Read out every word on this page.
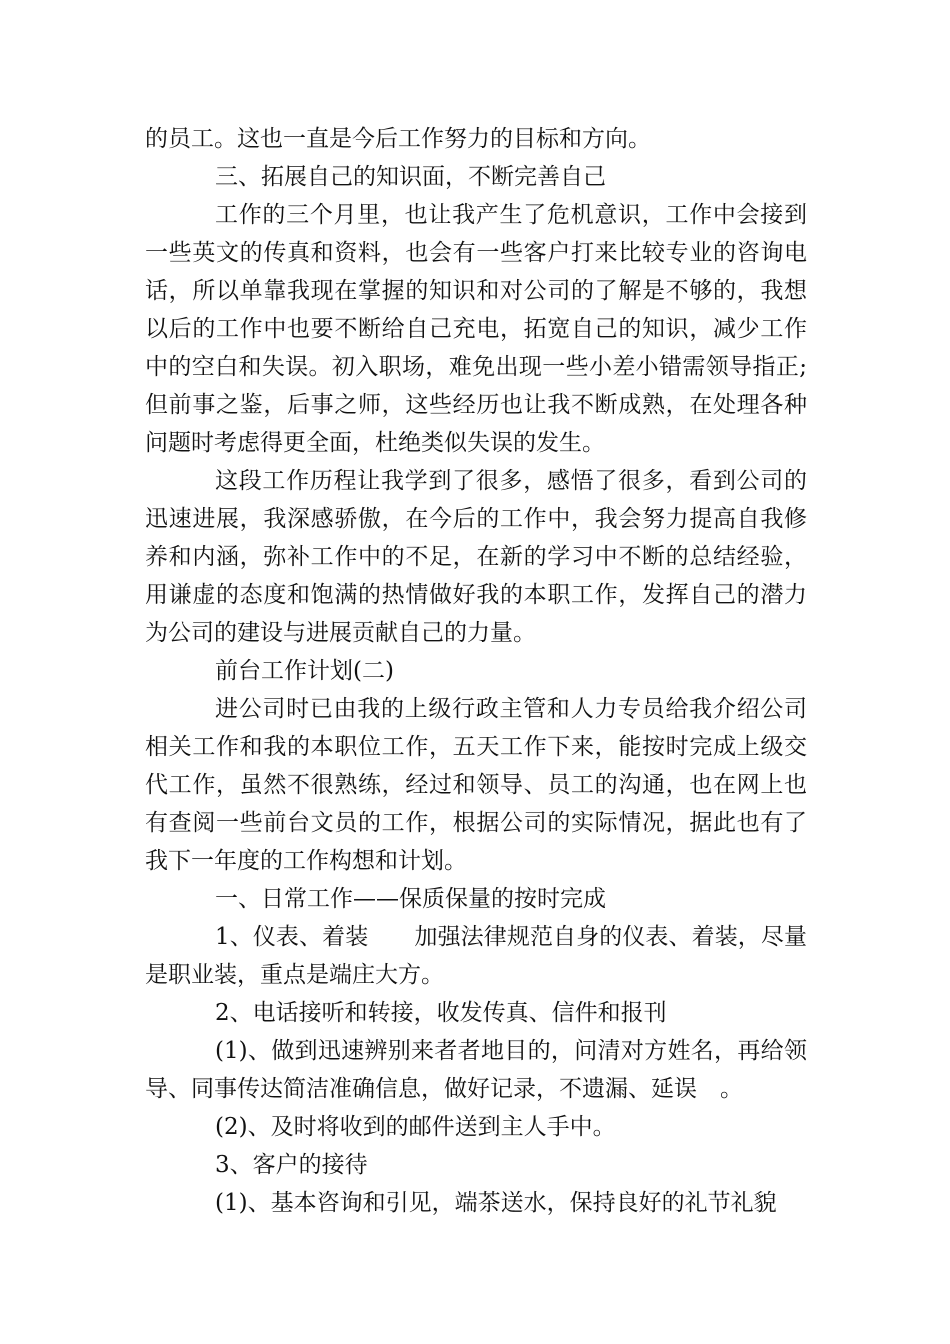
的员工。这也一直是今后工作努力的目标和方向。

三、拓展自己的知识面，不断完善自己

工作的三个月里，也让我产生了危机意识，工作中会接到一些英文的传真和资料，也会有一些客户打来比较专业的咨询电话，所以单靠我现在掌握的知识和对公司的了解是不够的，我想以后的工作中也要不断给自己充电，拓宽自己的知识，减少工作中的空白和失误。初入职场，难免出现一些小差小错需领导指正;但前事之鉴，后事之师，这些经历也让我不断成熟，在处理各种问题时考虑得更全面，杜绝类似失误的发生。

这段工作历程让我学到了很多，感悟了很多，看到公司的迅速进展，我深感骄傲，在今后的工作中，我会努力提高自我修养和内涵，弥补工作中的不足，在新的学习中不断的总结经验，用谦虚的态度和饱满的热情做好我的本职工作，发挥自己的潜力为公司的建设与进展贡献自己的力量。

前台工作计划(二)

进公司时已由我的上级行政主管和人力专员给我介绍公司相关工作和我的本职位工作，五天工作下来，能按时完成上级交代工作，虽然不很熟练，经过和领导、员工的沟通，也在网上也有查阅一些前台文员的工作，根据公司的实际情况，据此也有了我下一年度的工作构想和计划。

一、日常工作——保质保量的按时完成

1、仪表、着装　　加强法律规范自身的仪表、着装，尽量是职业装，重点是端庄大方。

2、电话接听和转接，收发传真、信件和报刊

(1)、做到迅速辨别来者者地目的，问清对方姓名，再给领导、同事传达简洁准确信息，做好记录，不遗漏、延误　。

(2)、及时将收到的邮件送到主人手中。

3、客户的接待

(1)、基本咨询和引见，端茶送水，保持良好的礼节礼貌
